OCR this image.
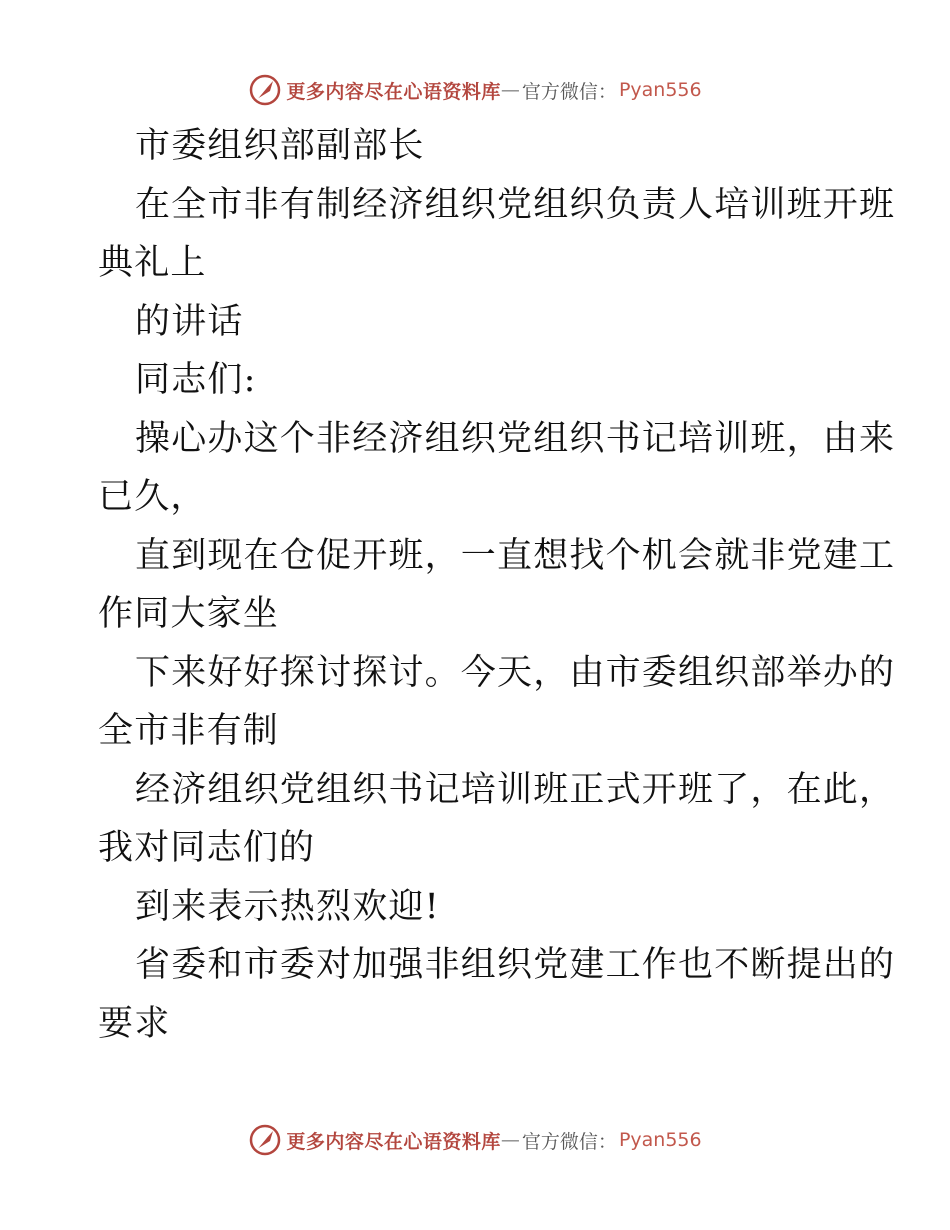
更多内容尽在心语资料库 — 官方微信： Pyan556

市委组织部副部长

在全市非有制经济组织党组织负责人培训班开班
典礼上

的讲话

同志们:

操心办这个非经济组织党组织书记培训班，由来
已久，

直到现在仓促开班，一直想找个机会就非党建工
作同大家坐

下来好好探讨探讨。今天，由市委组织部举办的
全市非有制

经济组织党组织书记培训班正式开班了，在此，
我对同志们的

到来表示热烈欢迎!

省委和市委对加强非组织党建工作也不断提出的
要求

更多内容尽在心语资料库 — 官方微信： Pyan556
